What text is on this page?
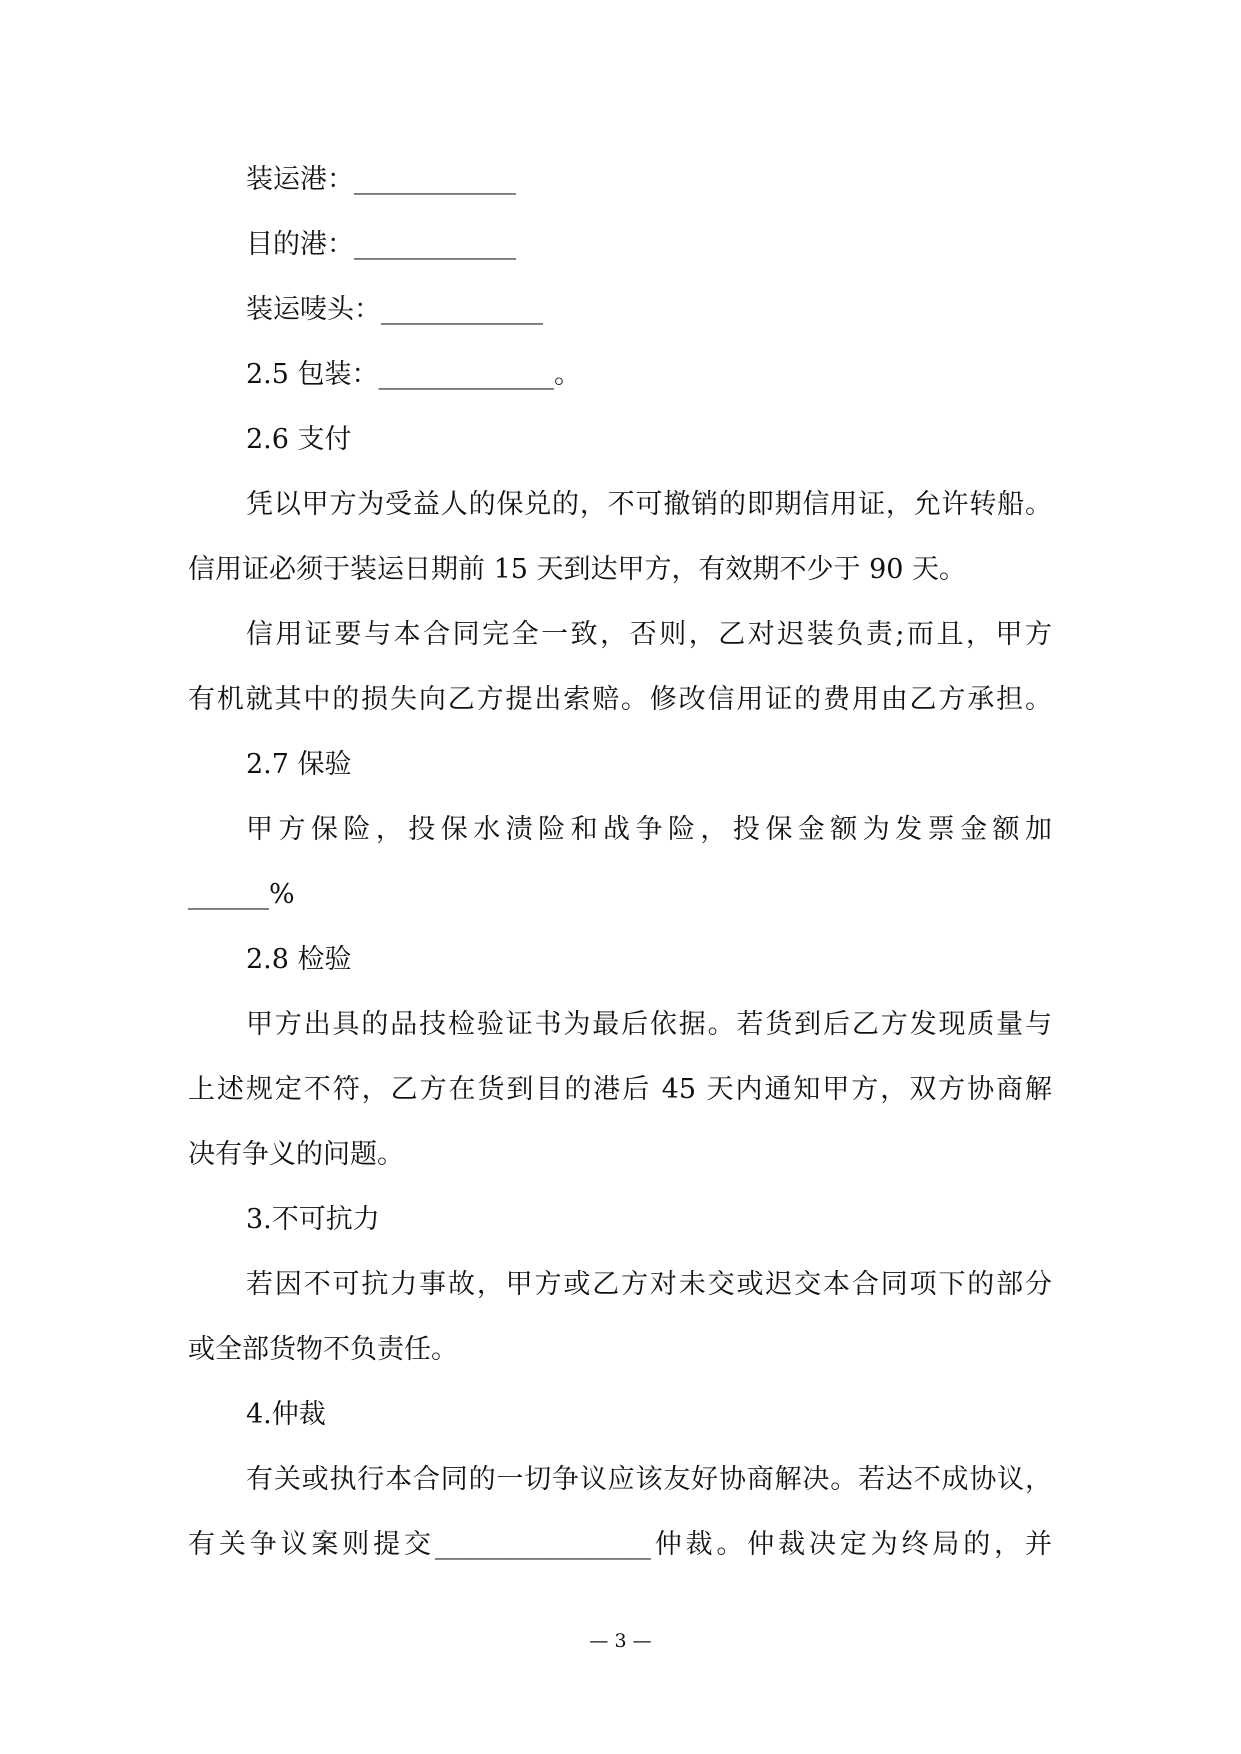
装运港：____________
目的港：____________
装运唛头：____________
2.5 包装：_____________。
2.6 支付
凭以甲方为受益人的保兑的，不可撤销的即期信用证，允许转船。
信用证必须于装运日期前 15 天到达甲方，有效期不少于 90 天。
信用证要与本合同完全一致，否则，乙对迟装负责;而且，甲方
有机就其中的损失向乙方提出索赔。修改信用证的费用由乙方承担。
2.7 保验
甲方保险，投保水渍险和战争险，投保金额为发票金额加
______%
2.8 检验
甲方出具的品技检验证书为最后依据。若货到后乙方发现质量与
上述规定不符，乙方在货到目的港后 45 天内通知甲方，双方协商解
决有争义的问题。
3.不可抗力
若因不可抗力事故，甲方或乙方对未交或迟交本合同项下的部分
或全部货物不负责任。
4.仲裁
有关或执行本合同的一切争议应该友好协商解决。若达不成协议，
有关争议案则提交________________仲裁。仲裁决定为终局的，并
— 3 —
